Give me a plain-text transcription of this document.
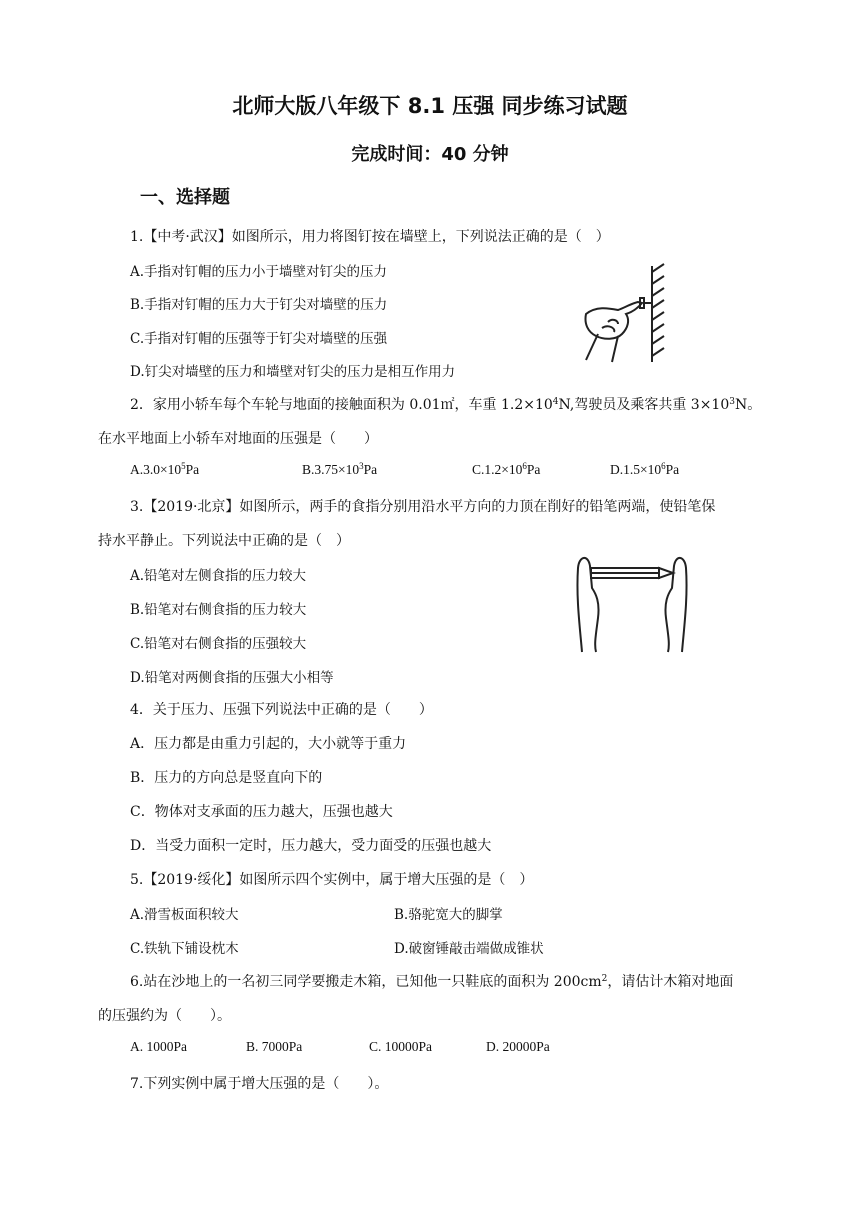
北师大版八年级下 8.1 压强 同步练习试题
完成时间：40 分钟
一、选择题
1.【中考·武汉】如图所示，用力将图钉按在墙壁上，下列说法正确的是（　）
A.手指对钉帽的压力小于墙壁对钉尖的压力
B.手指对钉帽的压力大于钉尖对墙壁的压力
C.手指对钉帽的压强等于钉尖对墙壁的压强
D.钉尖对墙壁的压力和墙壁对钉尖的压力是相互作用力
2．家用小轿车每个车轮与地面的接触面积为 0.01㎡，车重 $1.2\times 10^4N$,驾驶员及乘客共重 $3\times 10^3N$。
在水平地面上小轿车对地面的压强是（　　）
$A.3.0\times 10^5Pa$	$B.3.75\times 10^3Pa$	$C.1.2\times 10^6Pa$	$D.1.5\times 10^6Pa$
3.【2019·北京】如图所示，两手的食指分别用沿水平方向的力顶在削好的铅笔两端，使铅笔保
持水平静止。下列说法中正确的是（　）
A.铅笔对左侧食指的压力较大
B.铅笔对右侧食指的压力较大
C.铅笔对右侧食指的压强较大
D.铅笔对两侧食指的压强大小相等
4．关于压力、压强下列说法中正确的是（　　）
A．压力都是由重力引起的，大小就等于重力
B．压力的方向总是竖直向下的
C．物体对支承面的压力越大，压强也越大
D．当受力面积一定时，压力越大，受力面受的压强也越大
5.【2019·绥化】如图所示四个实例中，属于增大压强的是（　）
A.滑雪板面积较大	B.骆驼宽大的脚掌
C.铁轨下铺设枕木	D.破窗锤敲击端做成锥状
6.站在沙地上的一名初三同学要搬走木箱，已知他一只鞋底的面积为 $200cm^2$，请估计木箱对地面
的压强约为（　　）。
A. 1000Pa	B. 7000Pa	C. 10000Pa	D. 20000Pa
7.下列实例中属于增大压强的是（　　）。
